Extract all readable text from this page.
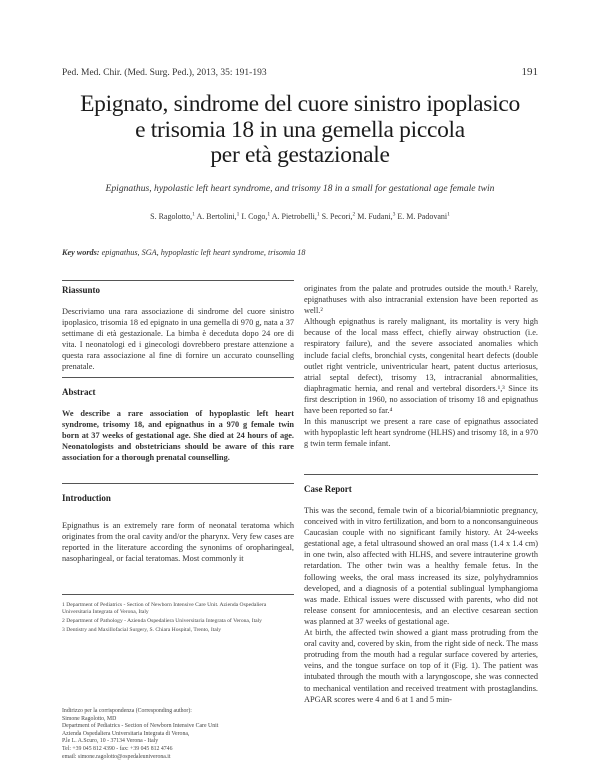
Ped. Med. Chir. (Med. Surg. Ped.), 2013, 35: 191-193	191
Epignato, sindrome del cuore sinistro ipoplasico
e trisomia 18 in una gemella piccola
per età gestazionale
Epignathus, hypolastic left heart syndrome, and trisomy 18 in a small for gestational age female twin
S. Ragolotto,$^1$ A. Bertolini,$^1$ I. Cogo,$^1$ A. Pietrobelli,$^1$ S. Pecori,$^2$ M. Fudani,$^3$ E. M. Padovani$^1$
Key words: epignathus, SGA, hypoplastic left heart syndrome, trisomia 18
Riassunto
Descriviamo una rara associazione di sindrome del cuore sinistro ipoplasico, trisomia 18 ed epignato in una gemella di 970 g, nata a 37 settimane di età gestazionale. La bimba è deceduta dopo 24 ore di vita. I neonatologi ed i ginecologi dovrebbero prestare attenzione a questa rara associazione al fine di fornire un accurato counselling prenatale.
Abstract
We describe a rare association of hypoplastic left heart syndrome, trisomy 18, and epignathus in a 970 g female twin born at 37 weeks of gestational age. She died at 24 hours of age. Neonatologists and obstetricians should be aware of this rare association for a thorough prenatal counselling.
Introduction
Epignathus is an extremely rare form of neonatal teratoma which originates from the oral cavity and/or the pharynx. Very few cases are reported in the literature according the synonims of oropharingeal, nasopharingeal, or facial teratomas. Most commonly it

1 Department of Pediatrics - Section of Newborn Intensive Care Unit. Azienda Ospedaliera Universitaria Integrata of Verona, Italy

2 Department of Pathology - Azienda Ospedaliera Universitaria Integrata of Verona, Italy

3 Dentistry and Maxillofacial Surgery, S. Chiara Hospital, Trento, Italy

Indirizzo per la corrispondenza (Corresponding author):

Simone Ragolotto, MD

Department of Pediatrics - Section of Newborn Intensive Care Unit

Azienda Ospedaliera Universitaria Integrata di Verona,

P.le L. A.Scuro, 10 - 37134 Verona - Italy

Tel: +39 045 812 4390 - fax: +39 045 812 4746

email: simone.ragolotto@ospedaleuniverona.it

originates from the palate and protrudes outside the mouth.¹ Rarely, epignathuses with also intracranial extension have been reported as well.²

Although epignathus is rarely malignant, its mortality is very high because of the local mass effect, chiefly airway obstruction (i.e. respiratory failure), and the severe associated anomalies which include facial clefts, bronchial cysts, congenital heart defects (double outlet right ventricle, univentricular heart, patent ductus arteriosus, atrial septal defect), trisomy 13, intracranial abnormalities, diaphragmatic hernia, and renal and vertebral disorders.¹,³ Since its first description in 1960, no association of trisomy 18 and epignathus have been reported so far.⁴

In this manuscript we present a rare case of epignathus associated with hypoplastic left heart syndrome (HLHS) and trisomy 18, in a 970 g twin term female infant.

Case Report

This was the second, female twin of a bicorial/biamniotic pregnancy, conceived with in vitro fertilization, and born to a nonconsanguineous Caucasian couple with no significant family history. At 24-weeks gestational age, a fetal ultrasound showed an oral mass (1.4 x 1.4 cm) in one twin, also affected with HLHS, and severe intrauterine growth retardation. The other twin was a healthy female fetus. In the following weeks, the oral mass increased its size, polyhydramnios developed, and a diagnosis of a potential sublingual lymphangioma was made. Ethical issues were discussed with parents, who did not release consent for amniocentesis, and an elective cesarean section was planned at 37 weeks of gestational age.

At birth, the affected twin showed a giant mass protruding from the oral cavity and, covered by skin, from the right side of neck. The mass protruding from the mouth had a regular surface covered by arteries, veins, and the tongue surface on top of it (Fig. 1). The patient was intubated through the mouth with a laryngoscope, she was connected to mechanical ventilation and received treatment with prostaglandins. APGAR scores were 4 and 6 at 1 and 5 min-
